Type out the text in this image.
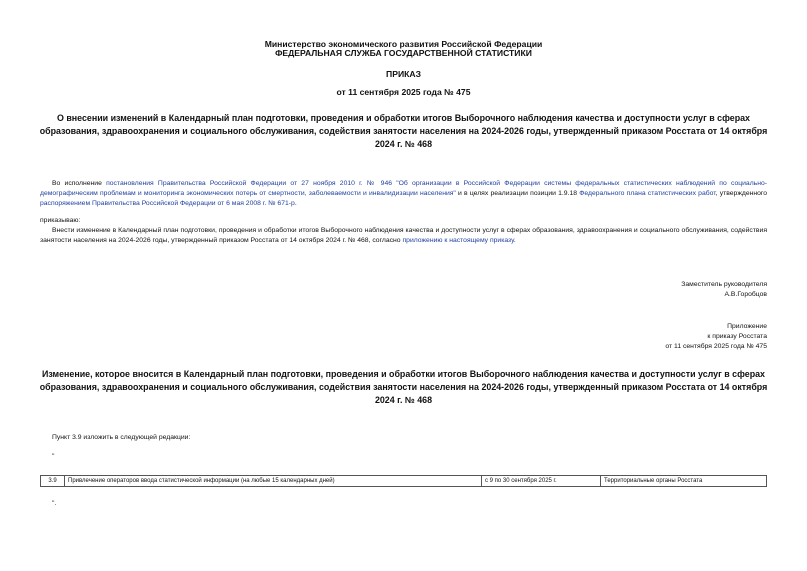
Министерство экономического развития Российской Федерации
ФЕДЕРАЛЬНАЯ СЛУЖБА ГОСУДАРСТВЕННОЙ СТАТИСТИКИ
ПРИКАЗ
от 11 сентября 2025 года № 475
О внесении изменений в Календарный план подготовки, проведения и обработки итогов Выборочного наблюдения качества и доступности услуг в сферах образования, здравоохранения и социального обслуживания, содействия занятости населения на 2024-2026 годы, утвержденный приказом Росстата от 14 октября 2024 г. № 468
Во исполнение постановления Правительства Российской Федерации от 27 ноября 2010 г. № 946 "Об организации в Российской Федерации системы федеральных статистических наблюдений по социально-демографическим проблемам и мониторинга экономических потерь от смертности, заболеваемости и инвалидизации населения" и в целях реализации позиции 1.9.18 Федерального плана статистических работ, утвержденного распоряжением Правительства Российской Федерации от 6 мая 2008 г. № 671-р.
приказываю:
Внести изменение в Календарный план подготовки, проведения и обработки итогов Выборочного наблюдения качества и доступности услуг в сферах образования, здравоохранения и социального обслуживания, содействия занятости населения на 2024-2026 годы, утвержденный приказом Росстата от 14 октября 2024 г. № 468, согласно приложению к настоящему приказу.
Заместитель руководителя
А.В.Горобцов
Приложение
к приказу Росстата
от 11 сентября 2025 года № 475
Изменение, которое вносится в Календарный план подготовки, проведения и обработки итогов Выборочного наблюдения качества и доступности услуг в сферах образования, здравоохранения и социального обслуживания, содействия занятости населения на 2024-2026 годы, утвержденный приказом Росстата от 14 октября 2024 г. № 468
Пункт 3.9 изложить в следующей редакции:
"
3.9	Привлечение операторов ввода статистической информации (на любые 15 календарных дней)	с 9 по 30 сентября 2025 г.	Территориальные органы Росстата
".
